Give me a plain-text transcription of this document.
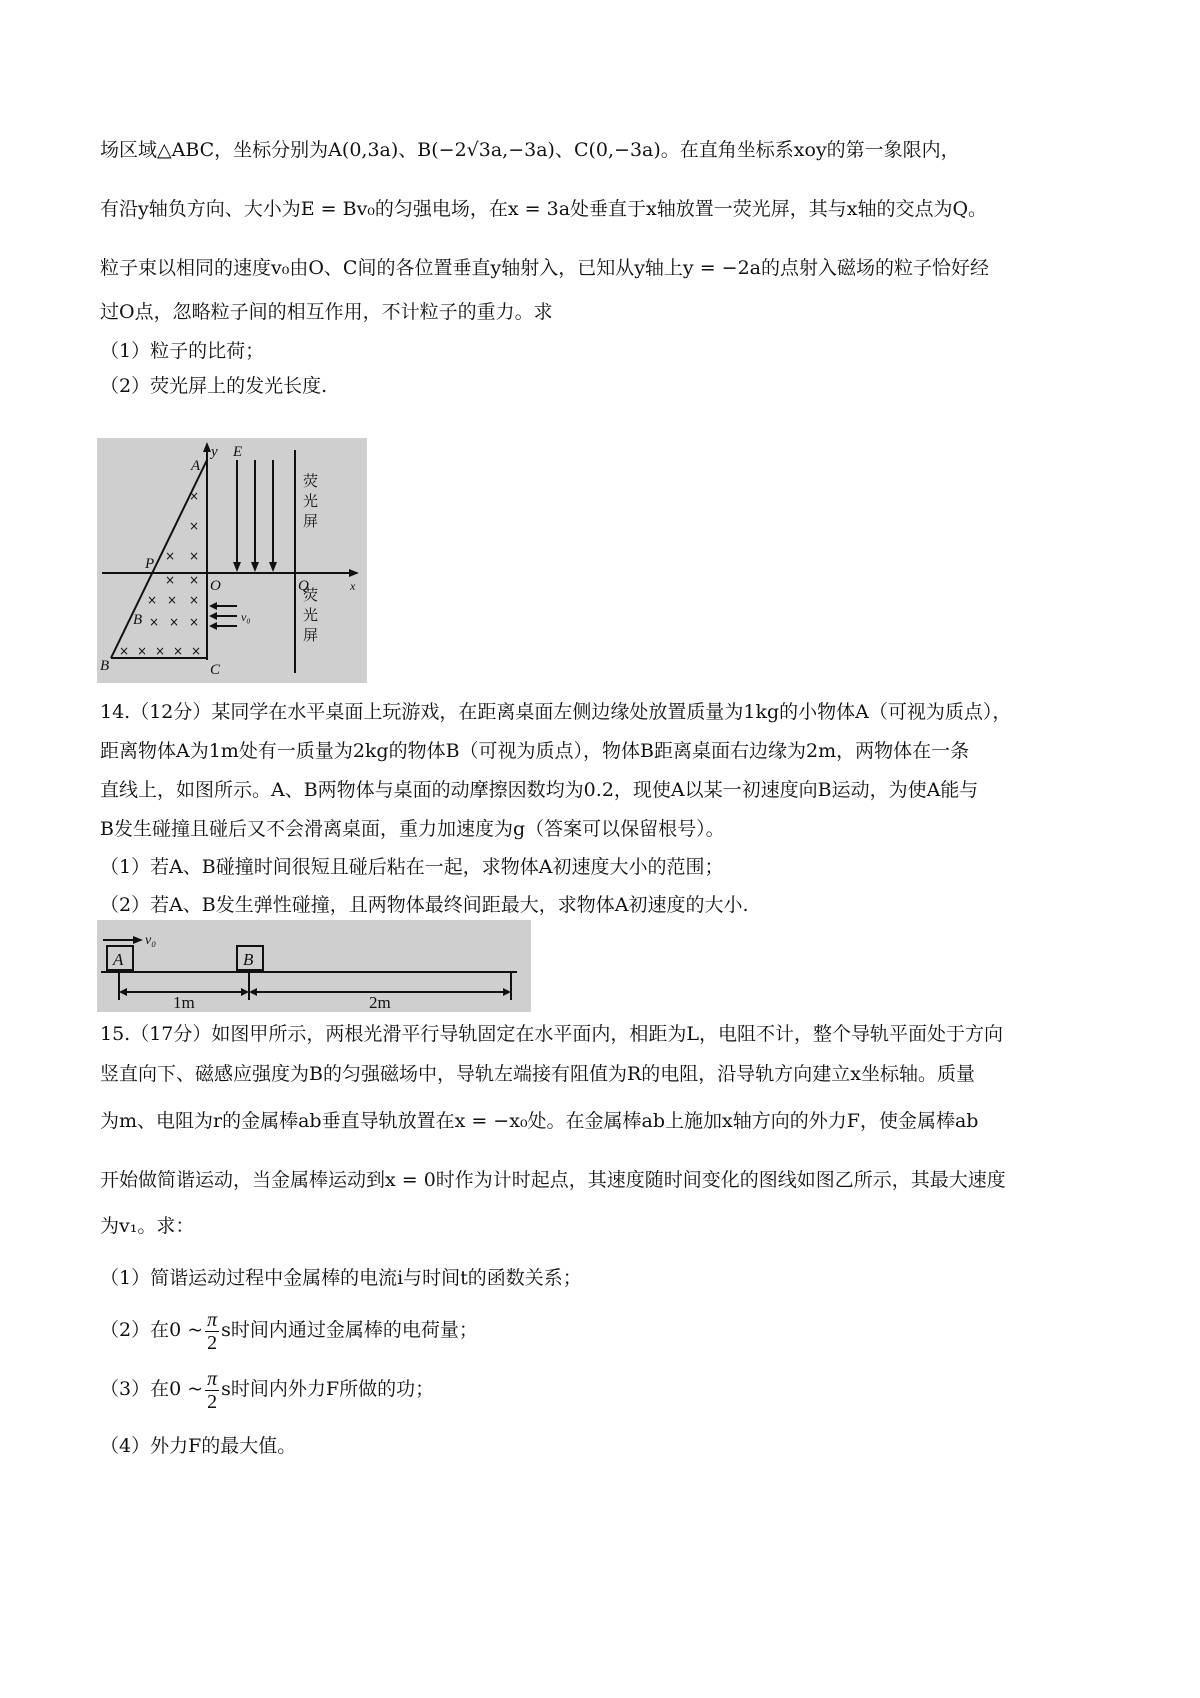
场区域△ABC，坐标分别为A(0,3a)、B(−2√3a,−3a)、C(0,−3a)。在直角坐标系xoy的第一象限内，
有沿y轴负方向、大小为E = Bv₀的匀强电场，在x = 3a处垂直于x轴放置一荧光屏，其与x轴的交点为Q。
粒子束以相同的速度v₀由O、C间的各位置垂直y轴射入，已知从y轴上y = −2a的点射入磁场的粒子恰好经
过O点，忽略粒子间的相互作用，不计粒子的重力。求
（1）粒子的比荷；
（2）荧光屏上的发光长度.
y E
A
P
O	Q	x
B
B	C
v₀
荧
光
屏
荧
光
屏
×
×
× ×
× ×
× × ×
× × ×
× × × × ×
14.（12分）某同学在水平桌面上玩游戏，在距离桌面左侧边缘处放置质量为1kg的小物体A（可视为质点），
距离物体A为1m处有一质量为2kg的物体B（可视为质点），物体B距离桌面右边缘为2m，两物体在一条
直线上，如图所示。A、B两物体与桌面的动摩擦因数均为0.2，现使A以某一初速度向B运动，为使A能与
B发生碰撞且碰后又不会滑离桌面，重力加速度为g（答案可以保留根号）。
（1）若A、B碰撞时间很短且碰后粘在一起，求物体A初速度大小的范围；
（2）若A、B发生弹性碰撞，且两物体最终间距最大，求物体A初速度的大小.
v₀
A	B
1m	2m
15.（17分）如图甲所示，两根光滑平行导轨固定在水平面内，相距为L，电阻不计，整个导轨平面处于方向
竖直向下、磁感应强度为B的匀强磁场中，导轨左端接有阻值为R的电阻，沿导轨方向建立x坐标轴。质量
为m、电阻为r的金属棒ab垂直导轨放置在x = −x₀处。在金属棒ab上施加x轴方向的外力F，使金属棒ab
开始做简谐运动，当金属棒运动到x = 0时作为计时起点，其速度随时间变化的图线如图乙所示，其最大速度
为v₁。求：
（1）简谐运动过程中金属棒的电流i与时间t的函数关系；
（2）在0 ~ $\frac{\pi}{2}$ s时间内通过金属棒的电荷量；
（3）在0 ~ $\frac{\pi}{2}$ s时间内外力F所做的功；
（4）外力F的最大值。
